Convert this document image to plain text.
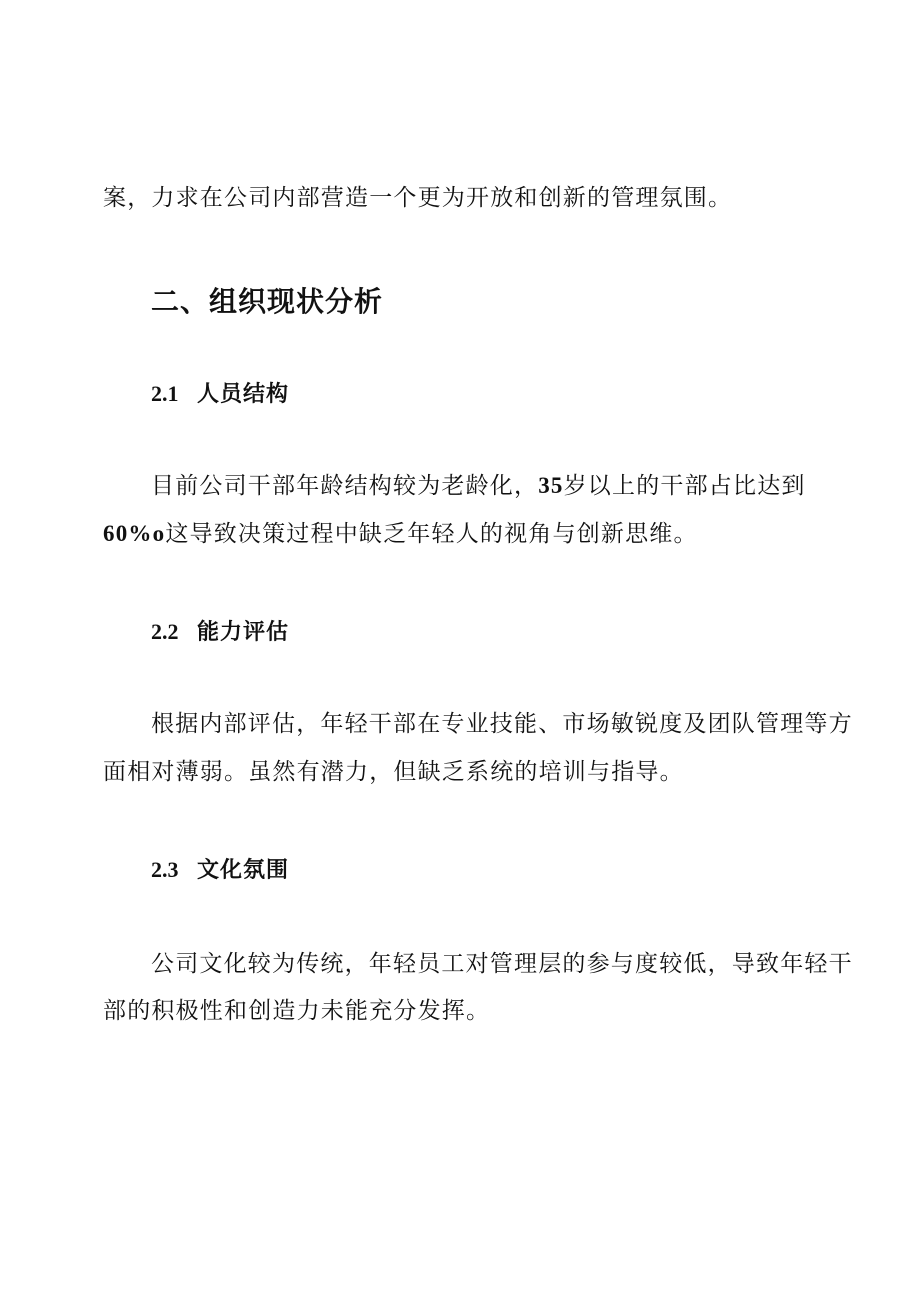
案，力求在公司内部营造一个更为开放和创新的管理氛围。
二、组织现状分析
2.1 人员结构
目前公司干部年龄结构较为老龄化，35岁以上的干部占比达到
60%o这导致决策过程中缺乏年轻人的视角与创新思维。
2.2 能力评估
根据内部评估，年轻干部在专业技能、市场敏锐度及团队管理等方
面相对薄弱。虽然有潜力，但缺乏系统的培训与指导。
2.3 文化氛围
公司文化较为传统，年轻员工对管理层的参与度较低，导致年轻干
部的积极性和创造力未能充分发挥。
